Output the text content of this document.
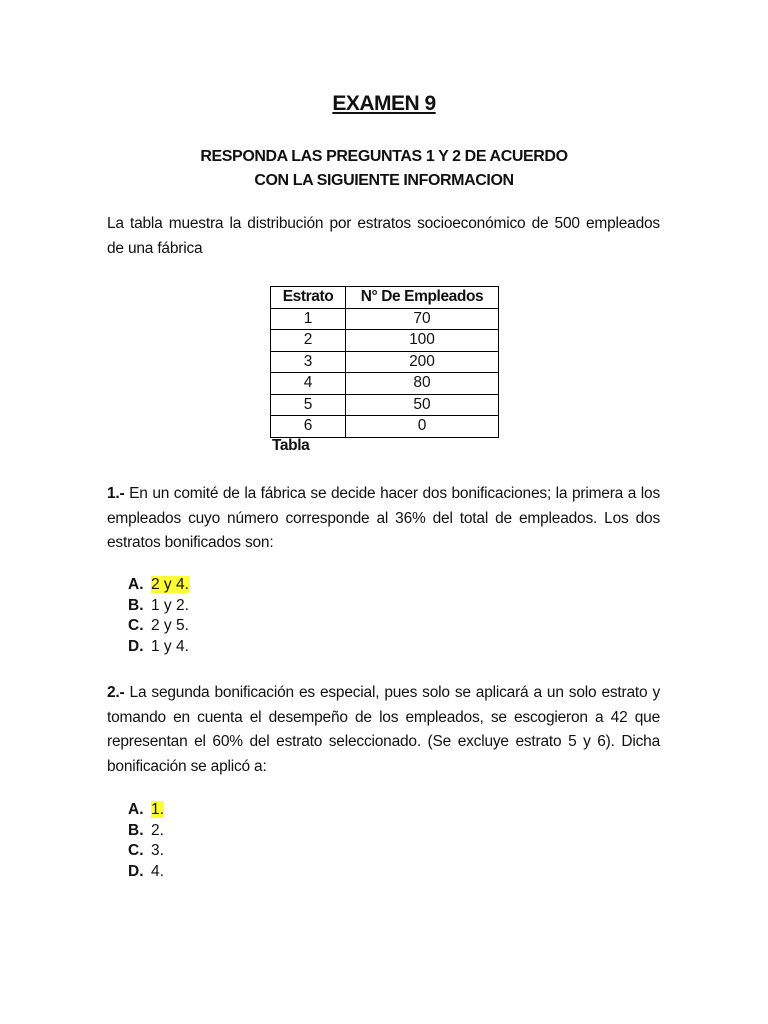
EXAMEN 9
RESPONDA LAS PREGUNTAS 1 Y 2 DE ACUERDO
CON LA SIGUIENTE INFORMACION
La tabla muestra la distribución por estratos socioeconómico de 500 empleados de una fábrica
Estrato	N° De Empleados
1	70
2	100
3	200
4	80
5	50
6	0
Tabla
1.- En un comité de la fábrica se decide hacer dos bonificaciones; la primera a los empleados cuyo número corresponde al 36% del total de empleados. Los dos estratos bonificados son:
A. 2 y 4.
B. 1 y 2.
C. 2 y 5.
D. 1 y 4.
2.- La segunda bonificación es especial, pues solo se aplicará a un solo estrato y tomando en cuenta el desempeño de los empleados, se escogieron a 42 que representan el 60% del estrato seleccionado. (Se excluye estrato 5 y 6). Dicha bonificación se aplicó a:
A. 1.
B. 2.
C. 3.
D. 4.
